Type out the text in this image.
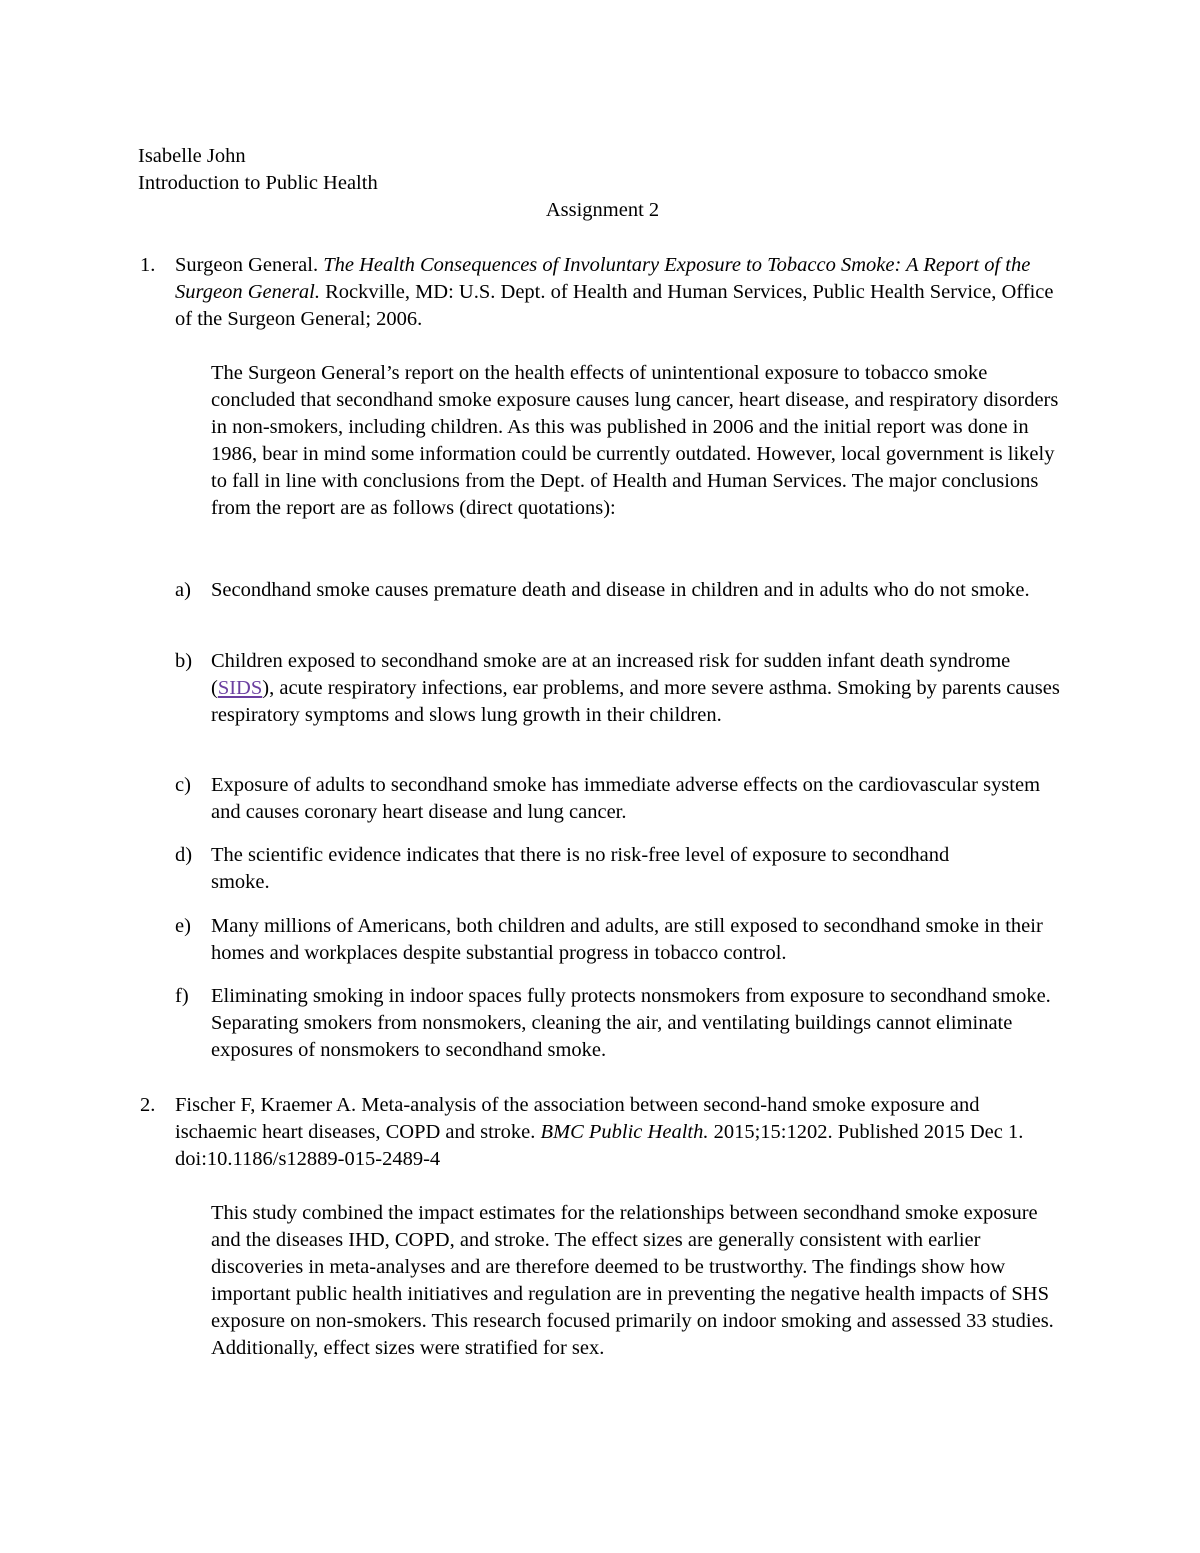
Isabelle John
Introduction to Public Health
Assignment 2
1. Surgeon General. The Health Consequences of Involuntary Exposure to Tobacco Smoke: A Report of the Surgeon General. Rockville, MD: U.S. Dept. of Health and Human Services, Public Health Service, Office of the Surgeon General; 2006.

The Surgeon General’s report on the health effects of unintentional exposure to tobacco smoke concluded that secondhand smoke exposure causes lung cancer, heart disease, and respiratory disorders in non-smokers, including children. As this was published in 2006 and the initial report was done in 1986, bear in mind some information could be currently outdated. However, local government is likely to fall in line with conclusions from the Dept. of Health and Human Services. The major conclusions from the report are as follows (direct quotations):

a) Secondhand smoke causes premature death and disease in children and in adults who do not smoke.
b) Children exposed to secondhand smoke are at an increased risk for sudden infant death syndrome (SIDS), acute respiratory infections, ear problems, and more severe asthma. Smoking by parents causes respiratory symptoms and slows lung growth in their children.
c) Exposure of adults to secondhand smoke has immediate adverse effects on the cardiovascular system and causes coronary heart disease and lung cancer.
d) The scientific evidence indicates that there is no risk-free level of exposure to secondhand smoke.
e) Many millions of Americans, both children and adults, are still exposed to secondhand smoke in their homes and workplaces despite substantial progress in tobacco control.
f) Eliminating smoking in indoor spaces fully protects nonsmokers from exposure to secondhand smoke. Separating smokers from nonsmokers, cleaning the air, and ventilating buildings cannot eliminate exposures of nonsmokers to secondhand smoke.
2. Fischer F, Kraemer A. Meta-analysis of the association between second-hand smoke exposure and ischaemic heart diseases, COPD and stroke. BMC Public Health. 2015;15:1202. Published 2015 Dec 1. doi:10.1186/s12889-015-2489-4

This study combined the impact estimates for the relationships between secondhand smoke exposure and the diseases IHD, COPD, and stroke. The effect sizes are generally consistent with earlier discoveries in meta-analyses and are therefore deemed to be trustworthy. The findings show how important public health initiatives and regulation are in preventing the negative health impacts of SHS exposure on non-smokers. This research focused primarily on indoor smoking and assessed 33 studies. Additionally, effect sizes were stratified for sex.
